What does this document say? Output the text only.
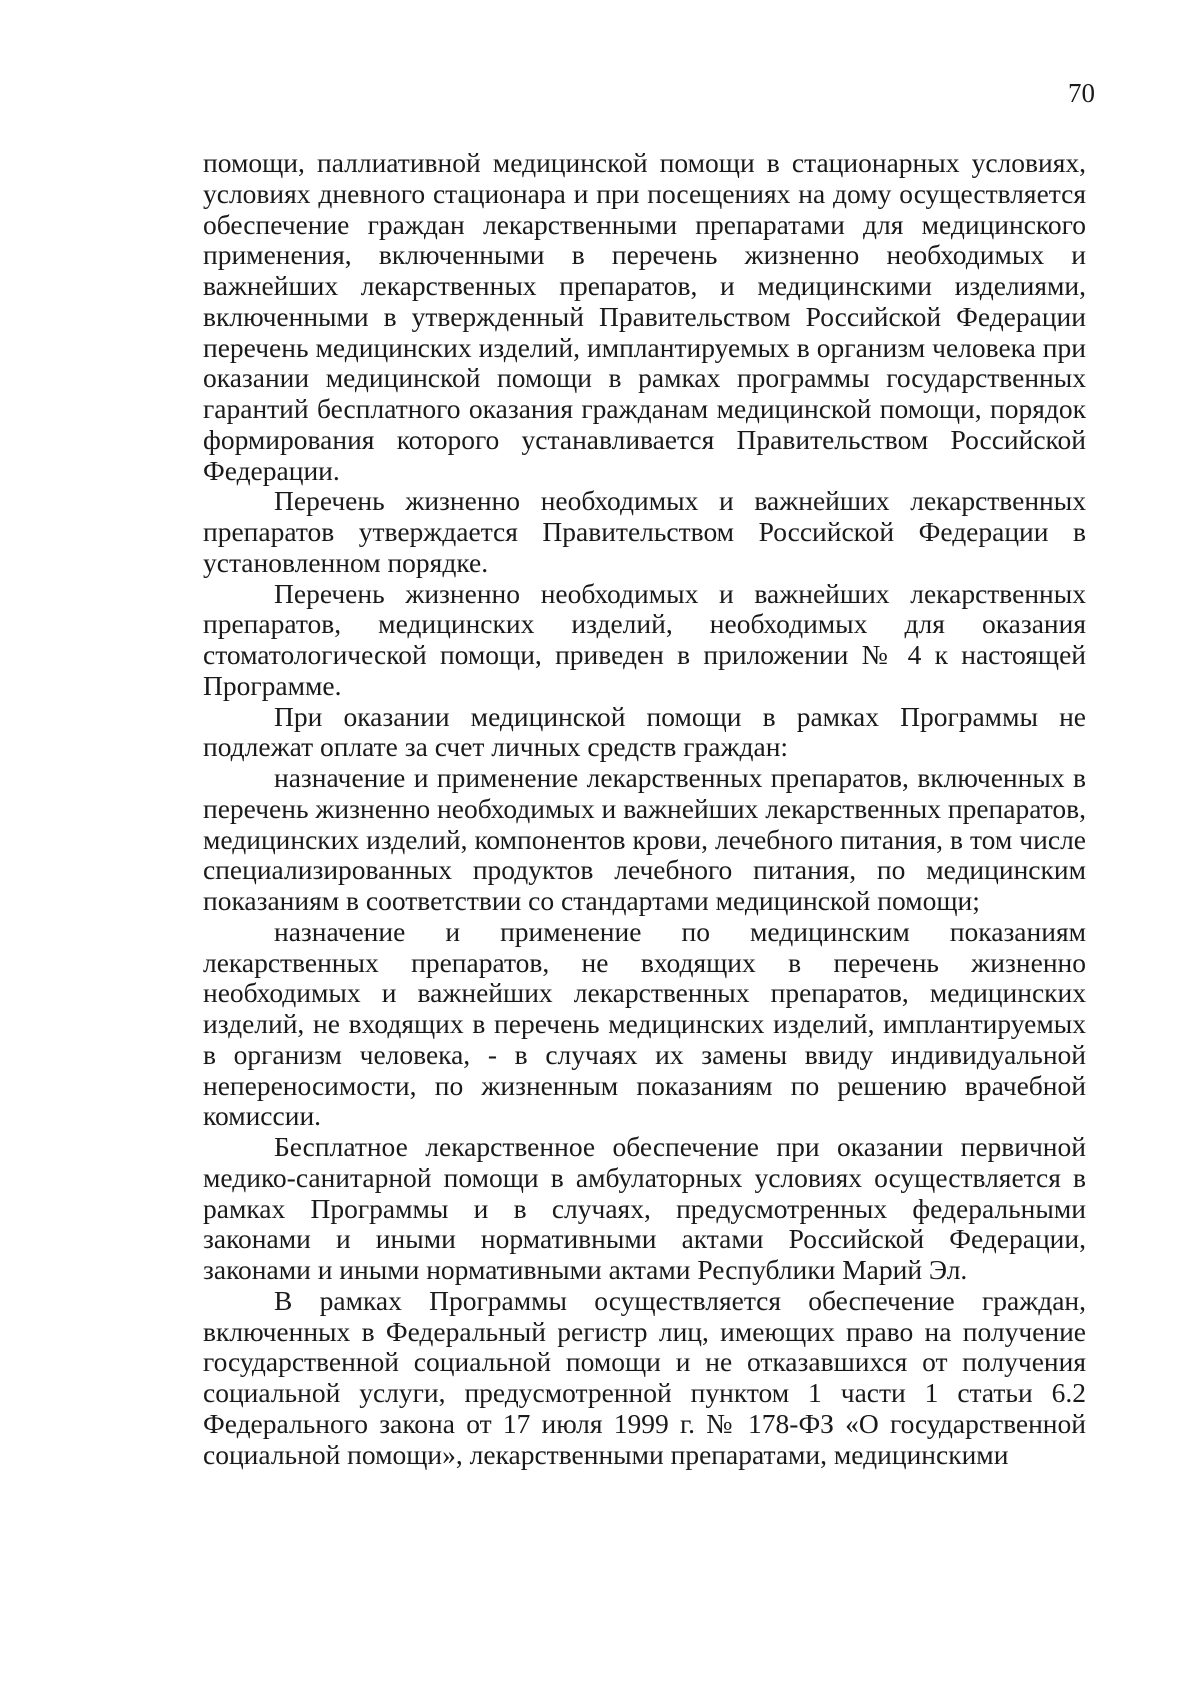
70

помощи, паллиативной медицинской помощи в стационарных условиях, условиях дневного стационара и при посещениях на дому осуществляется обеспечение граждан лекарственными препаратами для медицинского применения, включенными в перечень жизненно необходимых и важнейших лекарственных препаратов, и медицинскими изделиями, включенными в утвержденный Правительством Российской Федерации перечень медицинских изделий, имплантируемых в организм человека при оказании медицинской помощи в рамках программы государственных гарантий бесплатного оказания гражданам медицинской помощи, порядок формирования которого устанавливается Правительством Российской Федерации.

Перечень жизненно необходимых и важнейших лекарственных препаратов утверждается Правительством Российской Федерации в установленном порядке.

Перечень жизненно необходимых и важнейших лекарственных препаратов, медицинских изделий, необходимых для оказания стоматологической помощи, приведен в приложении № 4 к настоящей Программе.

При оказании медицинской помощи в рамках Программы не подлежат оплате за счет личных средств граждан:

назначение и применение лекарственных препаратов, включенных в перечень жизненно необходимых и важнейших лекарственных препаратов, медицинских изделий, компонентов крови, лечебного питания, в том числе специализированных продуктов лечебного питания, по медицинским показаниям в соответствии со стандартами медицинской помощи;

назначение и применение по медицинским показаниям лекарственных препаратов, не входящих в перечень жизненно необходимых и важнейших лекарственных препаратов, медицинских изделий, не входящих в перечень медицинских изделий, имплантируемых в организм человека, - в случаях их замены ввиду индивидуальной непереносимости, по жизненным показаниям по решению врачебной комиссии.

Бесплатное лекарственное обеспечение при оказании первичной медико-санитарной помощи в амбулаторных условиях осуществляется в рамках Программы и в случаях, предусмотренных федеральными законами и иными нормативными актами Российской Федерации, законами и иными нормативными актами Республики Марий Эл.

В рамках Программы осуществляется обеспечение граждан, включенных в Федеральный регистр лиц, имеющих право на получение государственной социальной помощи и не отказавшихся от получения социальной услуги, предусмотренной пунктом 1 части 1 статьи 6.2 Федерального закона от 17 июля 1999 г. № 178-ФЗ «О государственной социальной помощи», лекарственными препаратами, медицинскими
